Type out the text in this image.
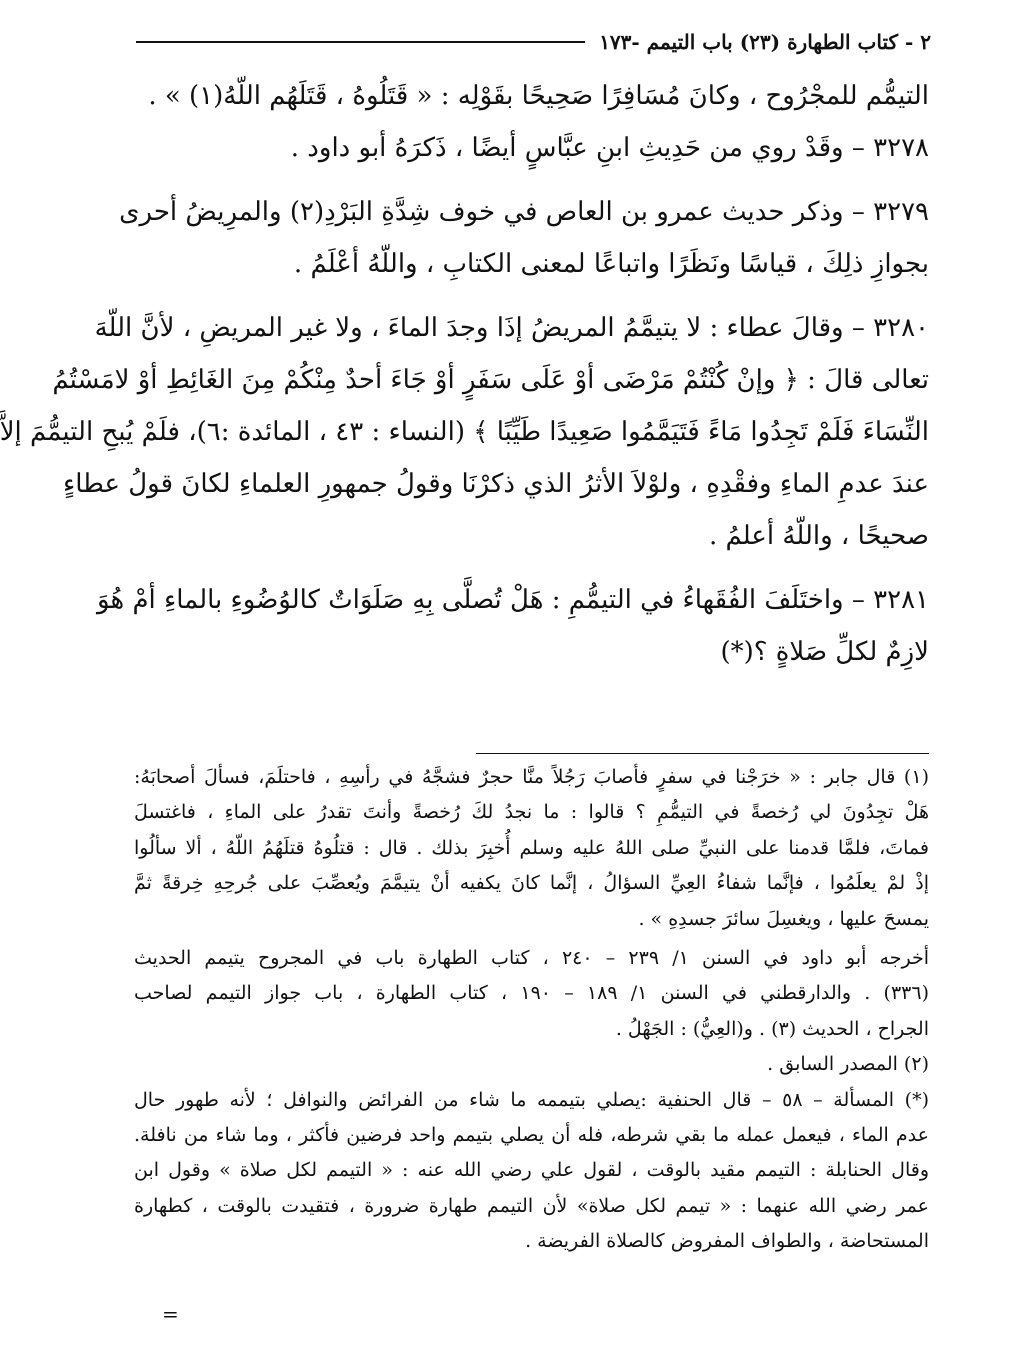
٢ - كتاب الطهارة (٢٣) باب التيمم -١٧٣
التيمُّم للمجْرُوح ، وكانَ مُسَافِرًا صَحِيحًا بقَوْلِه : « قَتَلُوهُ ، قَتَلَهُم اللّهُ(١) » .
٣٢٧٨ – وقَدْ روي من حَدِيثِ ابنِ عبَّاسٍ أيضًا ، ذَكرَهُ أبو داود .
٣٢٧٩ – وذكر حديث عمرو بن العاص في خوف شِدَّةِ البَرْدِ(٢) والمرِيضُ أحرى
بجوازِ ذلِكَ ، قياسًا ونَظَرًا واتباعًا لمعنى الكتابِ ، واللّهُ أعْلَمُ .
٣٢٨٠ – وقالَ عطاء : لا يتيمَّمُ المريضُ إذَا وجدَ الماءَ ، ولا غير المريضِ ، لأنَّ اللّهَ
تعالى قالَ : ﴿ وإنْ كُنْتُمْ مَرْضَى أوْ عَلَى سَفَرٍ أوْ جَاءَ أحدٌ مِنْكُمْ مِنَ الغَائِطِ أوْ لامَسْتُمُ
النِّسَاءَ فَلَمْ تَجِدُوا مَاءً فَتَيَمَّمُوا صَعِيدًا طَيِّبًا ﴾ (النساء : ٤٣ ، المائدة :٦)، فلَمْ يُبحِ التيمُّمَ إلاَّ
عندَ عدمِ الماءِ وفقْدِهِ ، ولوْلاَ الأثرُ الذي ذكرْنَا وقولُ جمهورِ العلماءِ لكانَ قولُ عطاءٍ
صحيحًا ، واللّهُ أعلمُ .
٣٢٨١ – واختَلَفَ الفُقَهاءُ في التيمُّمِ : هَلْ تُصلَّى بِهِ صَلَوَاتٌ كالوُضُوءِ بالماءِ أمْ هُوَ
لازِمٌ لكلِّ صَلاةٍ ؟(*)
(١) قال جابر : « خرَجْنا في سفرٍ فأصابَ رَجُلاً منَّا حجرٌ فشجَّهُ في رأسِهِ ، فاحتلَمَ، فسألَ أصحابَهُ:
هَلْ تجِدُونَ لي رُخصةً في التيمُّمِ ؟ قالوا : ما نجدُ لكَ رُخصةً وأنتَ تقدرُ على الماءِ ، فاغتسلَ
فماتَ، فلمَّا قدمنا على النبيِّ صلى اللهُ عليه وسلم أُخبِرَ بذلك . قال : قتلُوهُ قتلَهُمُ اللّهُ ، ألا سألُوا
إذْ لمْ يعلَمُوا ، فإنَّما شفاءُ العِيِّ السؤالُ ، إنَّما كانَ يكفيه أنْ يتيمَّمَ ويُعصِّبَ على جُرحِهِ خِرقةً ثمَّ
يمسحَ عليها ، ويغسِلَ سائرَ جسدِهِ » .
أخرجه أبو داود في السنن ١/ ٢٣٩ – ٢٤٠ ، كتاب الطهارة باب في المجروح يتيمم الحديث
(٣٣٦) . والدارقطني في السنن ١/ ١٨٩ – ١٩٠ ، كتاب الطهارة ، باب جواز التيمم لصاحب
الجراح ، الحديث (٣) . و(العِيُّ) : الجَهْلُ .
(٢) المصدر السابق .
(*) المسألة – ٥٨ – قال الحنفية :يصلي بتيممه ما شاء من الفرائض والنوافل ؛ لأنه طهور حال
عدم الماء ، فيعمل عمله ما بقي شرطه، فله أن يصلي بتيمم واحد فرضين فأكثر ، وما شاء من نافلة.
وقال الحنابلة : التيمم مقيد بالوقت ، لقول علي رضي الله عنه : « التيمم لكل صلاة » وقول ابن
عمر رضي الله عنهما : « تيمم لكل صلاة» لأن التيمم طهارة ضرورة ، فتقيدت بالوقت ، كطهارة
المستحاضة ، والطواف المفروض كالصلاة الفريضة .
=
